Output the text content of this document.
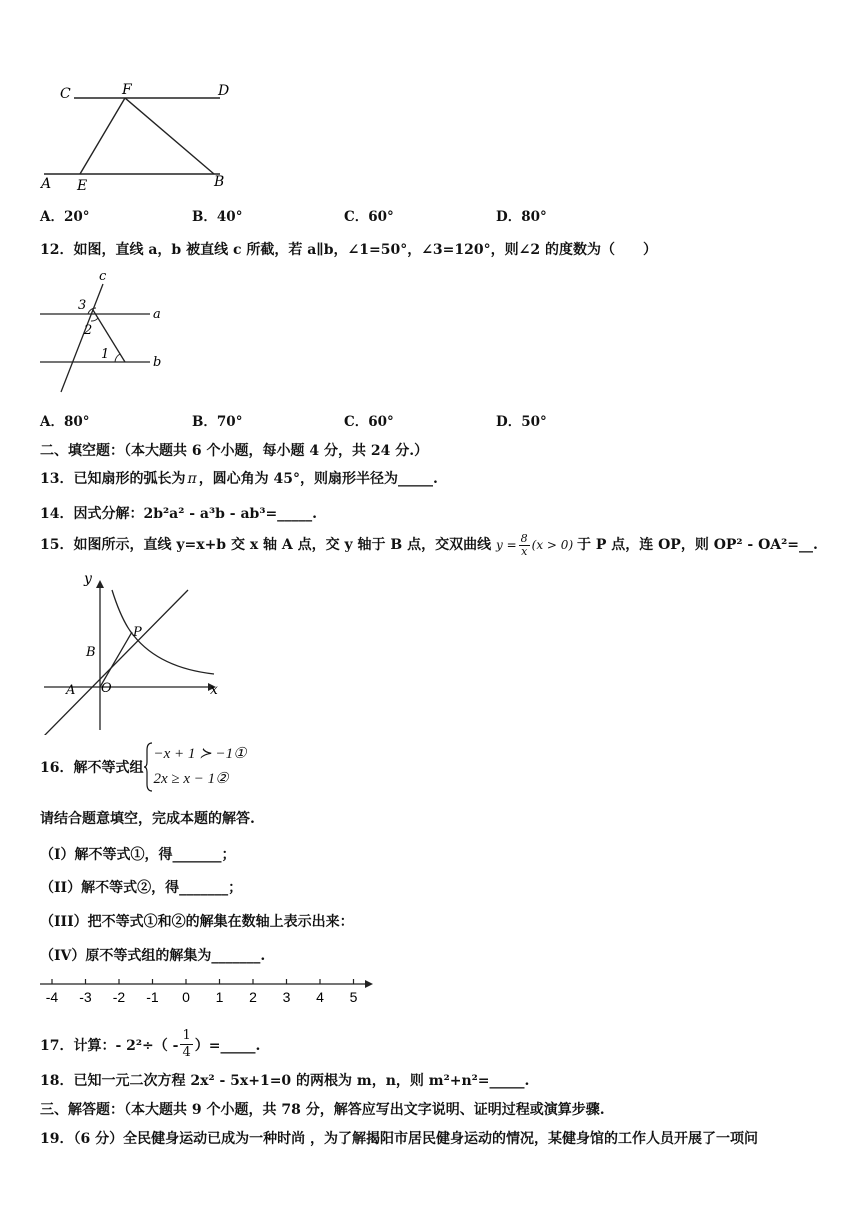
C	F	D
A E	B
A．20°	B．40°	C．60°	D．80°
12．如图，直线 a，b 被直线 c 所截，若 a∥b，∠1=50°，∠3=120°，则∠2 的度数为（　　）
c
3
2
1
a
b
A．80°	B．70°	C．60°	D．50°
二、填空题：（本大题共 6 个小题，每小题 4 分，共 24 分.）
13．已知扇形的弧长为 π ，圆心角为 45°，则扇形半径为_____.
14．因式分解：2b²a² - a³b - ab³=_____.
15．如图所示，直线 y=x+b 交 x 轴 A 点，交 y 轴于 B 点，交双曲线 $y = \frac{8}{x} (x > 0)$ 于 P 点，连 OP，则 OP² - OA²=__.
y
x
B
P
A O
16．解不等式组
−x + 1 ≻ −1①
2x ≥ x − 1②
请结合题意填空，完成本题的解答.
（I）解不等式①，得_______；
（II）解不等式②，得_______；
（III）把不等式①和②的解集在数轴上表示出来：
（IV）原不等式组的解集为_______.
-4 -3 -2 -1 0 1 2 3 4 5
17．计算：- $2^2\div( - \frac{1}{4}$ ）=_____.
18．已知一元二次方程 2x² - 5x+1=0 的两根为 m，n，则 m²+n²=_____.
三、解答题：（本大题共 9 个小题，共 78 分，解答应写出文字说明、证明过程或演算步骤.
19．（6 分）全民健身运动已成为一种时尚 ，为了解揭阳市居民健身运动的情况，某健身馆的工作人员开展了一项问
